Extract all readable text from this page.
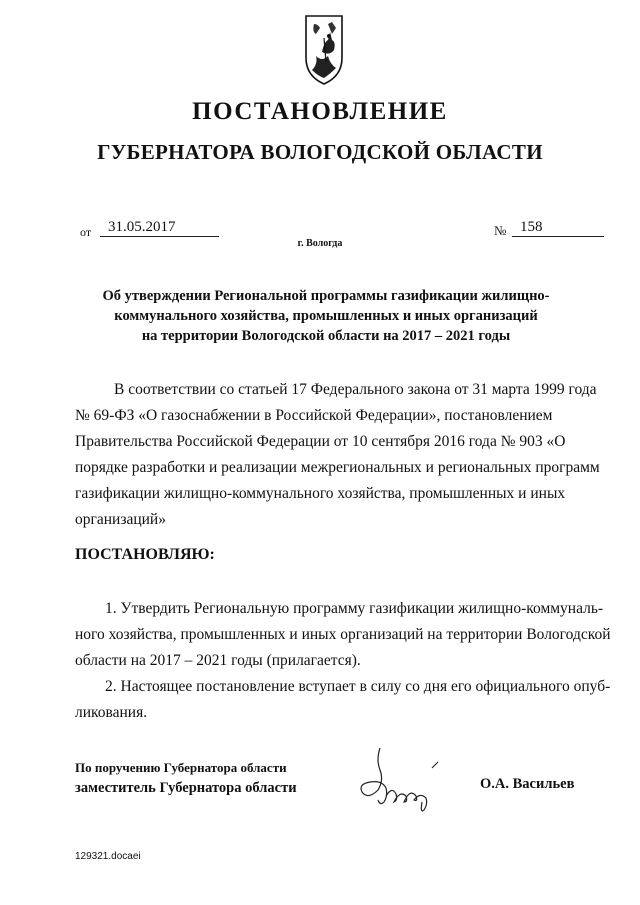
ПОСТАНОВЛЕНИЕ
ГУБЕРНАТОРА ВОЛОГОДСКОЙ ОБЛАСТИ
от	31.05.2017	№ 158
г. Вологда
Об утверждении Региональной программы газификации жилищно-
коммунального хозяйства, промышленных и иных организаций
на территории Вологодской области на 2017 – 2021 годы
В соответствии со статьей 17 Федерального закона от 31 марта 1999 года
№ 69-ФЗ «О газоснабжении в Российской Федерации», постановлением
Правительства Российской Федерации от 10 сентября 2016 года № 903 «О
порядке разработки и реализации межрегиональных и региональных программ
газификации жилищно-коммунального хозяйства, промышленных и иных
организаций»
ПОСТАНОВЛЯЮ:
1. Утвердить Региональную программу газификации жилищно-коммуналь-
ного хозяйства, промышленных и иных организаций на территории Вологодской
области на 2017 – 2021 годы (прилагается).
2. Настоящее постановление вступает в силу со дня его официального опуб-
ликования.
По поручению Губернатора области
заместитель Губернатора области	О.А. Васильев
129321.docaei
